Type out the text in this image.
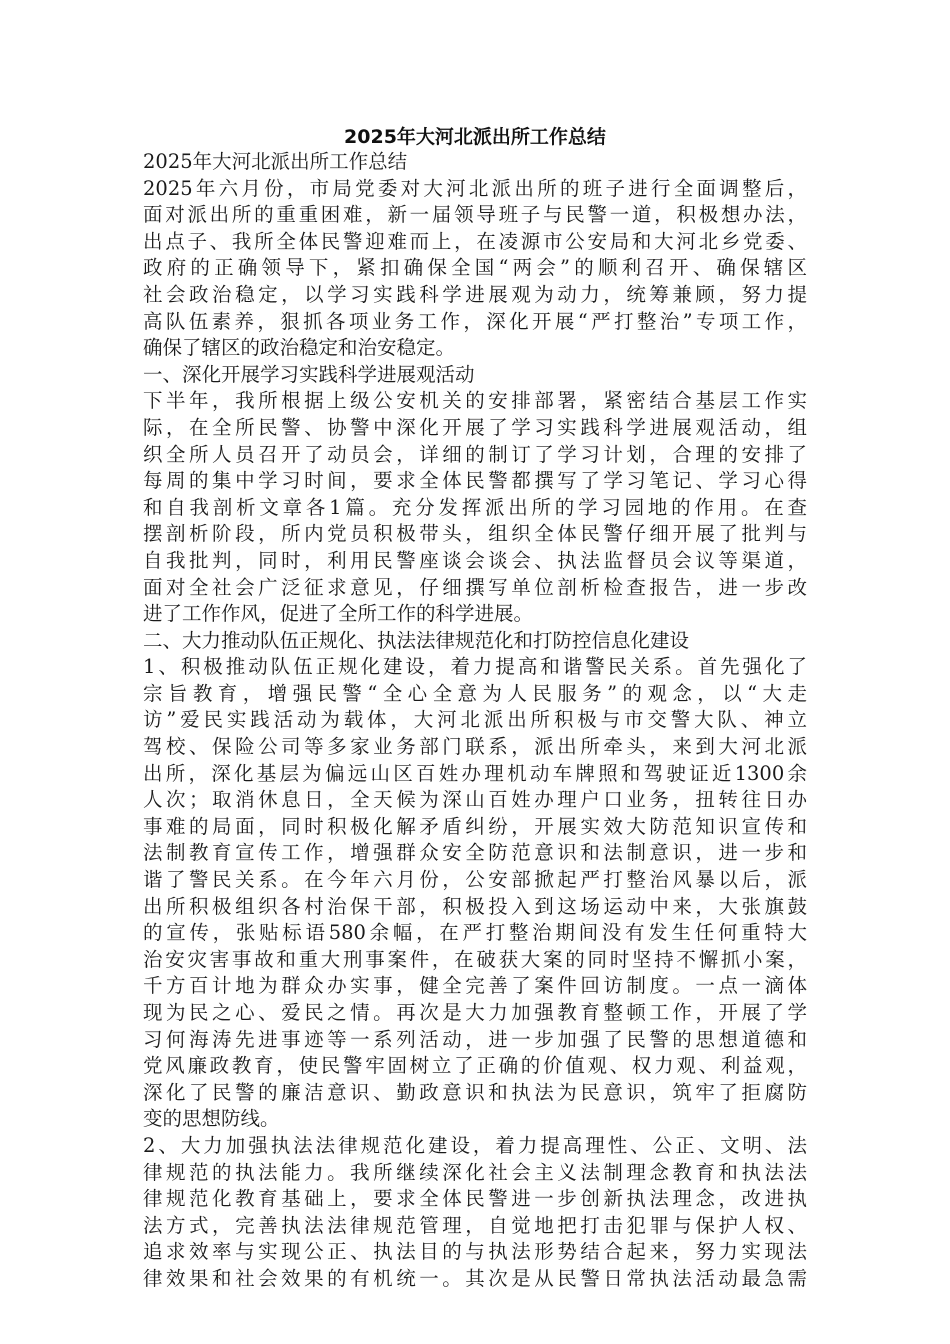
2025年大河北派出所工作总结
2025年大河北派出所工作总结
2025年六月份，市局党委对大河北派出所的班子进行全面调整后，
面对派出所的重重困难，新一届领导班子与民警一道，积极想办法，
出点子、我所全体民警迎难而上，在凌源市公安局和大河北乡党委、
政府的正确领导下，紧扣确保全国“两会”的顺利召开、确保辖区
社会政治稳定，以学习实践科学进展观为动力，统筹兼顾，努力提
高队伍素养，狠抓各项业务工作，深化开展“严打整治”专项工作，
确保了辖区的政治稳定和治安稳定。
一、深化开展学习实践科学进展观活动
下半年，我所根据上级公安机关的安排部署，紧密结合基层工作实
际，在全所民警、协警中深化开展了学习实践科学进展观活动，组
织全所人员召开了动员会，详细的制订了学习计划，合理的安排了
每周的集中学习时间，要求全体民警都撰写了学习笔记、学习心得
和自我剖析文章各1篇。充分发挥派出所的学习园地的作用。在查
摆剖析阶段，所内党员积极带头，组织全体民警仔细开展了批判与
自我批判，同时，利用民警座谈会谈会、执法监督员会议等渠道，
面对全社会广泛征求意见，仔细撰写单位剖析检查报告，进一步改
进了工作作风，促进了全所工作的科学进展。
二、大力推动队伍正规化、执法法律规范化和打防控信息化建设
1、积极推动队伍正规化建设，着力提高和谐警民关系。首先强化了
宗旨教育，增强民警“全心全意为人民服务”的观念，以“大走
访”爱民实践活动为载体，大河北派出所积极与市交警大队、神立
驾校、保险公司等多家业务部门联系，派出所牵头，来到大河北派
出所，深化基层为偏远山区百姓办理机动车牌照和驾驶证近1300余
人次；取消休息日，全天候为深山百姓办理户口业务，扭转往日办
事难的局面，同时积极化解矛盾纠纷，开展实效大防范知识宣传和
法制教育宣传工作，增强群众安全防范意识和法制意识，进一步和
谐了警民关系。在今年六月份，公安部掀起严打整治风暴以后，派
出所积极组织各村治保干部，积极投入到这场运动中来，大张旗鼓
的宣传，张贴标语580余幅，在严打整治期间没有发生任何重特大
治安灾害事故和重大刑事案件，在破获大案的同时坚持不懈抓小案，
千方百计地为群众办实事，健全完善了案件回访制度。一点一滴体
现为民之心、爱民之情。再次是大力加强教育整顿工作，开展了学
习何海涛先进事迹等一系列活动，进一步加强了民警的思想道德和
党风廉政教育，使民警牢固树立了正确的价值观、权力观、利益观，
深化了民警的廉洁意识、勤政意识和执法为民意识，筑牢了拒腐防
变的思想防线。
2、大力加强执法法律规范化建设，着力提高理性、公正、文明、法
律规范的执法能力。我所继续深化社会主义法制理念教育和执法法
律规范化教育基础上，要求全体民警进一步创新执法理念，改进执
法方式，完善执法法律规范管理，自觉地把打击犯罪与保护人权、
追求效率与实现公正、执法目的与执法形势结合起来，努力实现法
律效果和社会效果的有机统一。其次是从民警日常执法活动最急需
